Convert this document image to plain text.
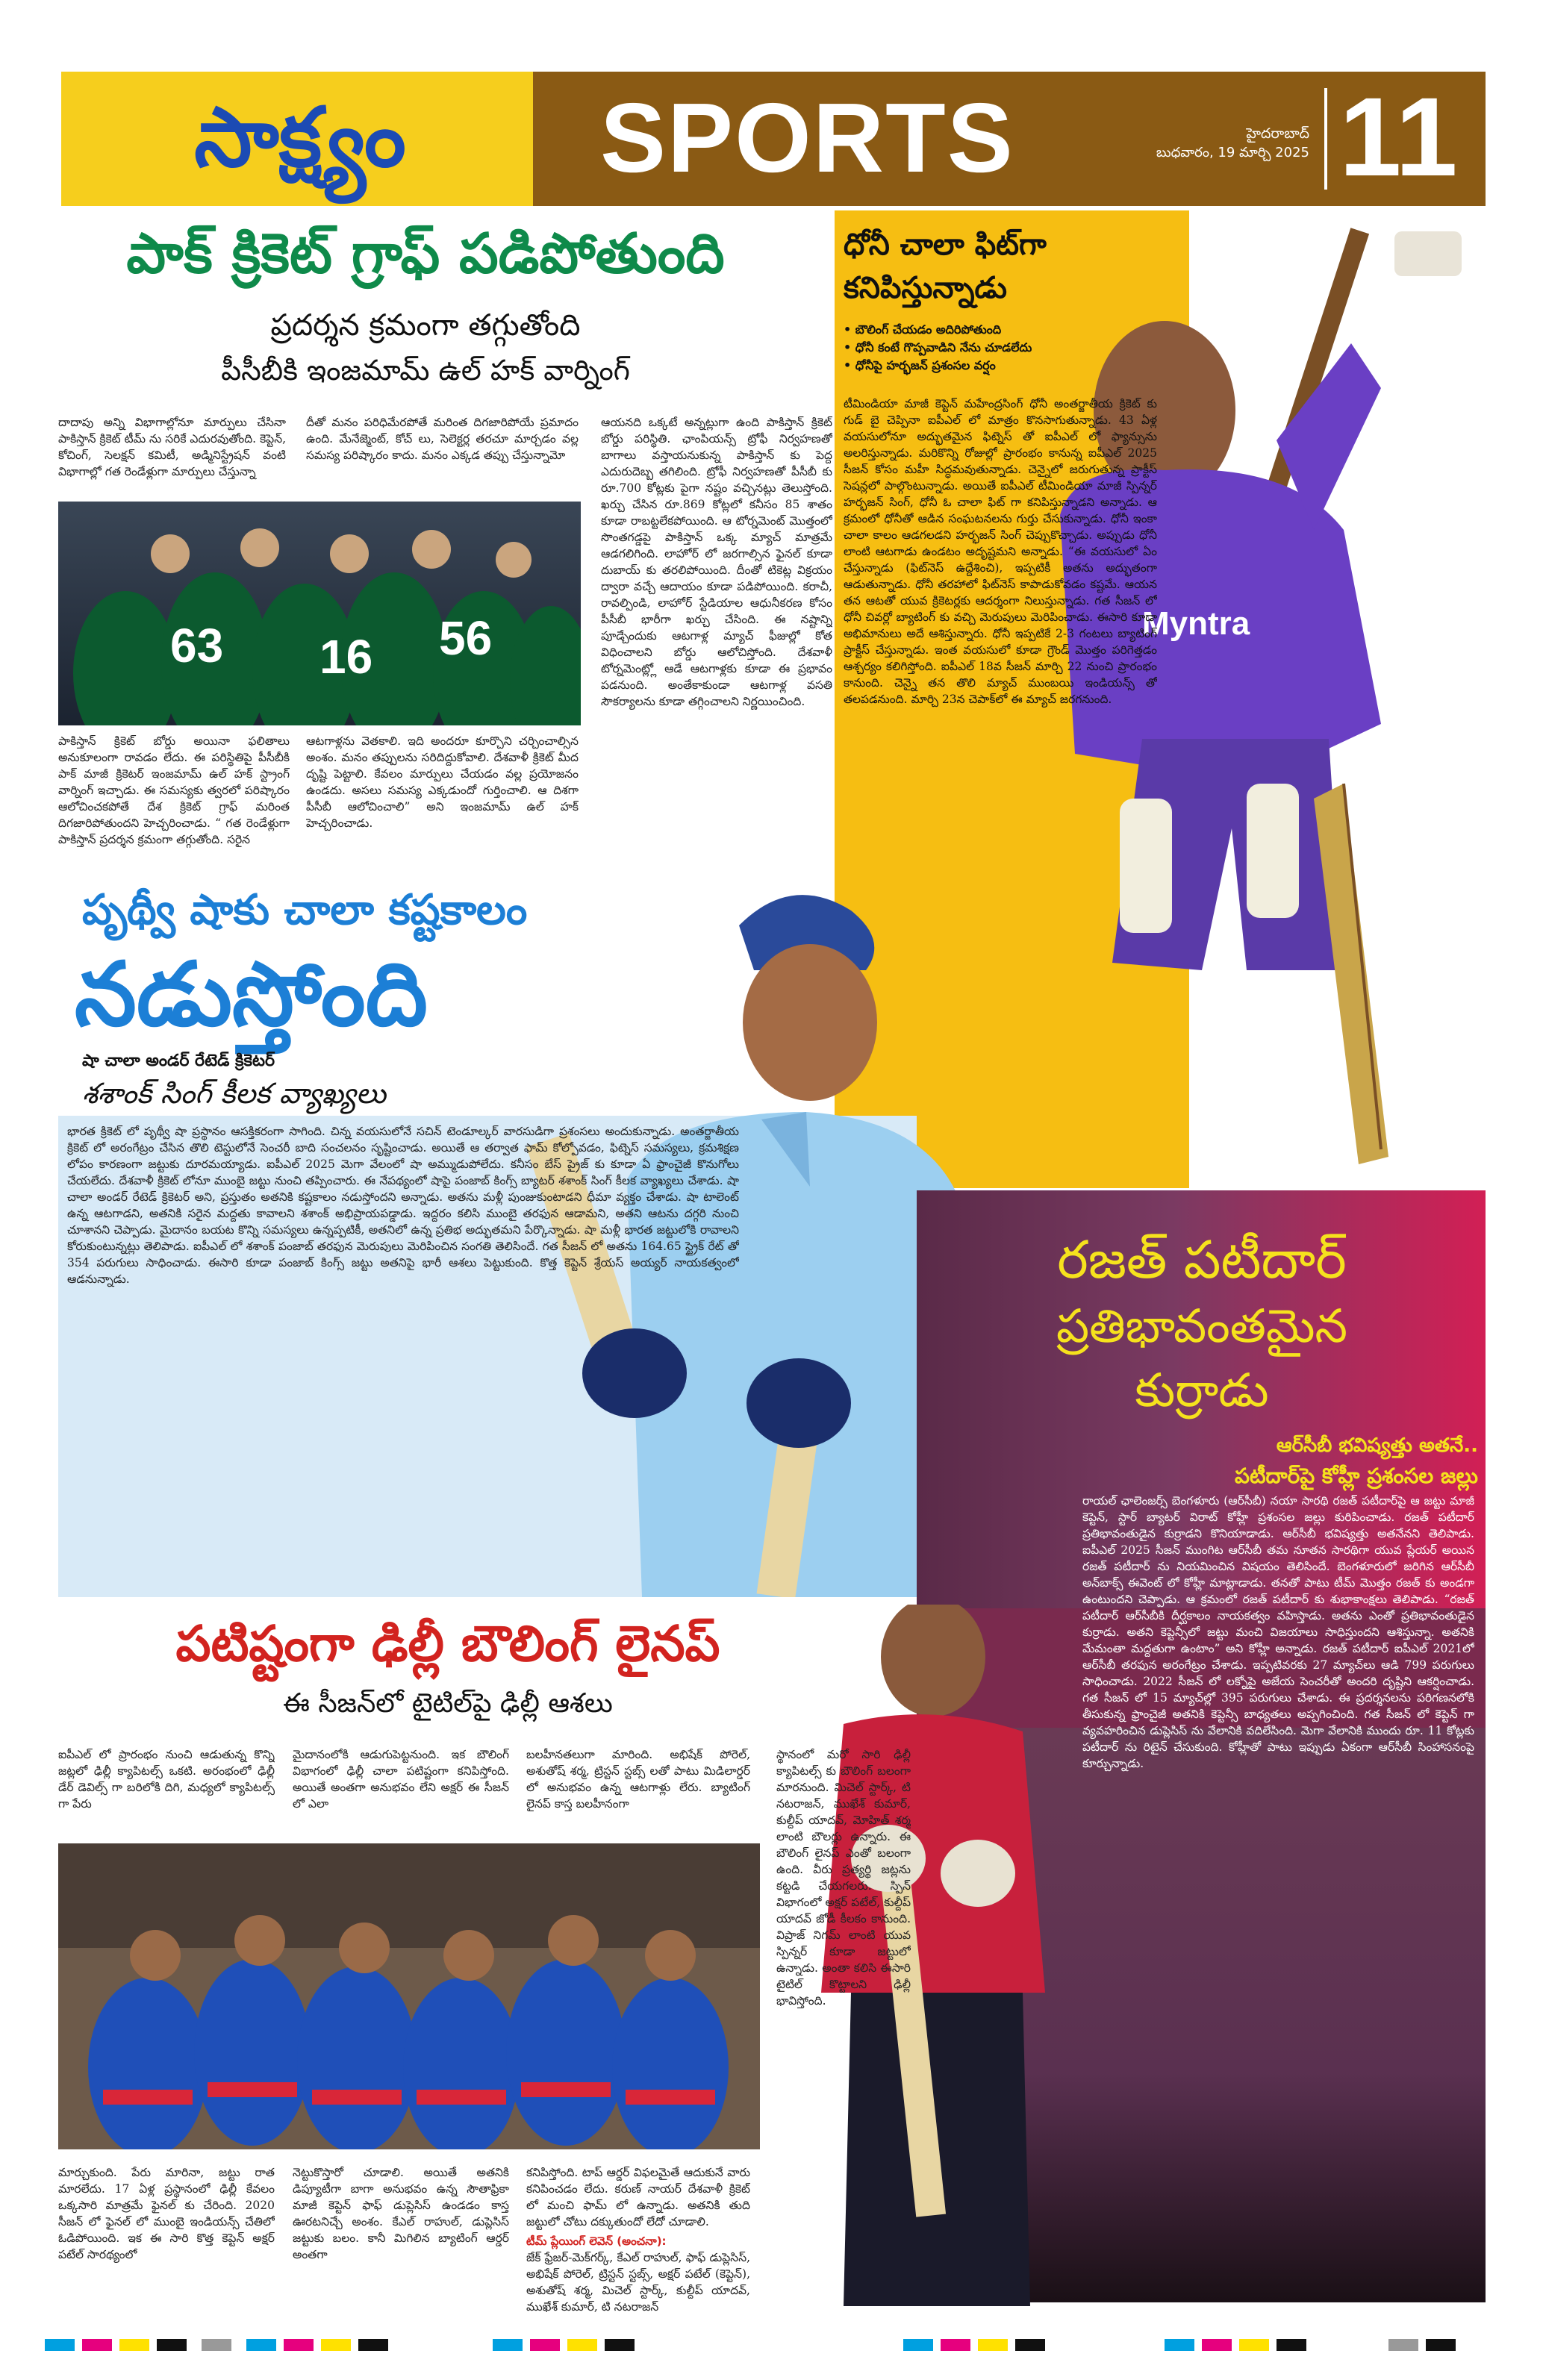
సాక్ష్యం	SPORTS	హైదరాబాద్
బుధవారం, 19 మార్చి 2025 11
పాక్ క్రికెట్ గ్రాఫ్ పడిపోతుంది
ప్రదర్శన క్రమంగా తగ్గుతోంది
పీసీబీకి ఇంజమామ్ ఉల్ హక్ వార్నింగ్
దాదాపు అన్ని విభాగాల్లోనూ మార్పులు చేసినా పాకిస్తాన్ క్రికెట్ టీమ్ ను సరికే ఎదురవుతోంది. కెప్టెన్, కోచింగ్, సెలక్షన్ కమిటీ, అడ్మినిస్ట్రేషన్ వంటి విభాగాల్లో గత రెండేళ్లుగా మార్పులు చేస్తున్నా
దీతో మనం పరిధిమేరపోతే మరింత దిగజారిపోయే ప్రమాదం ఉంది. మేనేజ్మెంట్, కోచ్ లు, సెలెక్టర్ల తరచూ మార్చడం వల్ల సమస్య పరిష్కారం కాదు. మనం ఎక్కడ తప్పు చేస్తున్నామో
ఆయనది ఒక్కటే అన్నట్లుగా ఉంది పాకిస్తాన్ క్రికెట్ బోర్డు పరిస్థితి. ఛాంపియన్స్ ట్రోఫీ నిర్వహణతో బాగాలు వస్తాయనుకున్న పాకిస్తాన్ కు పెద్ద ఎదురుదెబ్బ తగిలింది. ట్రోఫీ నిర్వహణతో పీసీబీ కు రూ.700 కోట్లకు పైగా నష్టం వచ్చినట్లు తెలుస్తోంది. ఖర్చు చేసిన రూ.869 కోట్లలో కనీసం 85 శాతం కూడా రాబట్టలేకపోయింది. ఆ టోర్నమెంట్ మొత్తంలో సొంతగడ్డపై పాకిస్తాన్ ఒక్క మ్యాచ్ మాత్రమే ఆడగలిగింది. లాహోర్ లో జరగాల్సిన ఫైనల్ కూడా దుబాయ్ కు తరలిపోయింది. దీంతో టికెట్ల విక్రయం ద్వారా వచ్చే ఆదాయం కూడా పడిపోయింది. కరాచీ, రావల్పిండి, లాహోర్ స్టేడియాల ఆధునీకరణ కోసం పీసీబీ భారీగా ఖర్చు చేసింది. ఈ నష్టాన్ని పూడ్చేందుకు ఆటగాళ్ల మ్యాచ్ ఫీజుల్లో కోత విధించాలని బోర్డు ఆలోచిస్తోంది. దేశవాళీ టోర్నమెంట్ల్లో ఆడే ఆటగాళ్లకు కూడా ఈ ప్రభావం పడనుంది. అంతేకాకుండా ఆటగాళ్ల వసతి సౌకర్యాలను కూడా తగ్గించాలని నిర్ణయించింది.
63 16 56
పాకిస్తాన్ క్రికెట్ బోర్డు అయినా ఫలితాలు అనుకూలంగా రావడం లేదు. ఈ పరిస్థితిపై పీసీబీకి పాక్ మాజీ క్రికెటర్ ఇంజమామ్ ఉల్ హక్ స్ట్రాంగ్ వార్నింగ్ ఇచ్చాడు. ఈ సమస్యకు త్వరలో పరిష్కారం ఆలోచించకపోతే దేశ క్రికెట్ గ్రాఫ్ మరింత దిగజారిపోతుందని హెచ్చరించాడు. “ గత రెండేళ్లుగా పాకిస్తాన్ ప్రదర్శన క్రమంగా తగ్గుతోంది. సరైన
ఆటగాళ్లను వెతకాలి. ఇది అందరూ కూర్చొని చర్చించాల్సిన అంశం. మనం తప్పులను సరిదిద్దుకోవాలి. దేశవాళీ క్రికెట్ మీద దృష్టి పెట్టాలి. కేవలం మార్పులు చేయడం వల్ల ప్రయోజనం ఉండదు. అసలు సమస్య ఎక్కడుందో గుర్తించాలి. ఆ దిశగా పీసీబీ ఆలోచించాలి” అని ఇంజమామ్ ఉల్ హక్ హెచ్చరించాడు.
Myntra
ధోనీ చాలా ఫిట్‌గా
కనిపిస్తున్నాడు
• బౌలింగ్ చేయడం అదిరిపోతుంది
• ధోనీ కంటే గొప్పవాడిని నేను చూడలేదు
• ధోనీపై హర్భజన్ ప్రశంసల వర్షం
టీమిండియా మాజీ కెప్టెన్ మహేంద్రసింగ్ ధోనీ అంతర్జాతీయ క్రికెట్ కు గుడ్ బై చెప్పినా ఐపీఎల్ లో మాత్రం కొనసాగుతున్నాడు. 43 ఏళ్ల వయసులోనూ అద్భుతమైన ఫిట్నెస్ తో ఐపీఎల్ లో ఫ్యాన్సును అలరిస్తున్నాడు. మరికొన్ని రోజుల్లో ప్రారంభం కానున్న ఐపీఎల్ 2025 సీజన్ కోసం మహీ సిద్ధమవుతున్నాడు. చెన్నైలో జరుగుతున్న ప్రాక్టీస్ సెషన్లలో పాల్గొంటున్నాడు. అయితే ఐపీఎల్ టీమిండియా మాజీ స్పిన్నర్ హర్భజన్ సింగ్, ధోనీ ఓ చాలా ఫిట్ గా కనిపిస్తున్నాడని అన్నాడు. ఆ క్రమంలో ధోనీతో ఆడిన సంఘటనలను గుర్తు చేసుకున్నాడు. ధోనీ ఇంకా చాలా కాలం ఆడగలడని హర్భజన్ సింగ్ చెప్పుకొచ్చాడు. అప్పుడు ధోనీ లాంటి ఆటగాడు ఉండటం అదృష్టమని అన్నాడు. “ఈ వయసులో ఏం చేస్తున్నాడు (ఫిట్‌నెస్ ఉద్దేశించి), ఇప్పటికీ అతను అద్భుతంగా ఆడుతున్నాడు. ధోనీ తరహాలో ఫిట్‌నెస్ కాపాడుకోవడం కష్టమే. ఆయన తన ఆటతో యువ క్రికెటర్లకు ఆదర్శంగా నిలుస్తున్నాడు. గత సీజన్ లో ధోనీ చివర్లో బ్యాటింగ్ కు వచ్చి మెరుపులు మెరిపించాడు. ఈసారి కూడా అభిమానులు అదే ఆశిస్తున్నారు. ధోనీ ఇప్పటికే 2-3 గంటలు బ్యాటింగ్ ప్రాక్టీస్ చేస్తున్నాడు. ఇంత వయసులో కూడా గ్రౌండ్ మొత్తం పరిగెత్తడం ఆశ్చర్యం కలిగిస్తోంది. ఐపీఎల్ 18వ సీజన్ మార్చి 22 నుంచి ప్రారంభం కానుంది. చెన్నై తన తొలి మ్యాచ్ ముంబయి ఇండియన్స్ తో తలపడనుంది. మార్చి 23న చెపాక్‌లో ఈ మ్యాచ్ జరగనుంది.
పృథ్వీ షాకు చాలా కష్టకాలం
నడుస్తోంది
షా చాలా అండర్ రేటెడ్ క్రికెటర్
శశాంక్ సింగ్ కీలక వ్యాఖ్యలు
భారత క్రికెట్ లో పృథ్వీ షా ప్రస్థానం ఆసక్తికరంగా సాగింది. చిన్న వయసులోనే సచిన్ టెండూల్కర్ వారసుడిగా ప్రశంసలు అందుకున్నాడు. అంతర్జాతీయ క్రికెట్ లో అరంగేట్రం చేసిన తొలి టెస్టులోనే సెంచరీ బాది సంచలనం సృష్టించాడు. అయితే ఆ తర్వాత ఫామ్ కోల్పోవడం, ఫిట్నెస్ సమస్యలు, క్రమశిక్షణ లోపం కారణంగా జట్టుకు దూరమయ్యాడు. ఐపీఎల్ 2025 మెగా వేలంలో షా అమ్ముడుపోలేదు. కనీసం బేస్ ప్రైజ్ కు కూడా ఏ ఫ్రాంచైజీ కొనుగోలు చేయలేదు. దేశవాళీ క్రికెట్ లోనూ ముంబై జట్టు నుంచి తప్పించారు. ఈ నేపథ్యంలో షాపై పంజాబ్ కింగ్స్ బ్యాటర్ శశాంక్ సింగ్ కీలక వ్యాఖ్యలు చేశాడు. షా చాలా అండర్ రేటెడ్ క్రికెటర్ అని, ప్రస్తుతం అతనికి కష్టకాలం నడుస్తోందని అన్నాడు. అతను మళ్లీ పుంజుకుంటాడని ధీమా వ్యక్తం చేశాడు. షా టాలెంట్ ఉన్న ఆటగాడని, అతనికి సరైన మద్దతు కావాలని శశాంక్ అభిప్రాయపడ్డాడు. ఇద్దరం కలిసి ముంబై తరఫున ఆడామని, అతని ఆటను దగ్గరి నుంచి చూశానని చెప్పాడు. మైదానం బయట కొన్ని సమస్యలు ఉన్నప్పటికీ, అతనిలో ఉన్న ప్రతిభ అద్భుతమని పేర్కొన్నాడు. షా మళ్లీ భారత జట్టులోకి రావాలని కోరుకుంటున్నట్లు తెలిపాడు. ఐపీఎల్ లో శశాంక్ పంజాబ్ తరఫున మెరుపులు మెరిపించిన సంగతి తెలిసిందే. గత సీజన్ లో అతను 164.65 స్ట్రైక్ రేట్ తో 354 పరుగులు సాధించాడు. ఈసారి కూడా పంజాబ్ కింగ్స్ జట్టు అతనిపై భారీ ఆశలు పెట్టుకుంది. కొత్త కెప్టెన్ శ్రేయస్ అయ్యర్ నాయకత్వంలో ఆడనున్నాడు.	రజత్ పటీదార్
ప్రతిభావంతమైన
కుర్రాడు
ఆర్‌సీబీ భవిష్యత్తు అతనే..
పటీదార్‌పై కోహ్లీ ప్రశంసల జల్లు
రాయల్ ఛాలెంజర్స్ బెంగళూరు (ఆర్‌సీబీ) నయా సారథి రజత్ పటీదార్‌పై ఆ జట్టు మాజీ కెప్టెన్, స్టార్ బ్యాటర్ విరాట్ కోహ్లీ ప్రశంసల జల్లు కురిపించాడు. రజత్ పటీదార్ ప్రతిభావంతుడైన కుర్రాడని కొనియాడాడు. ఆర్‌సీబీ భవిష్యత్తు అతనేనని తెలిపాడు. ఐపీఎల్ 2025 సీజన్ ముంగిట ఆర్‌సీబీ తమ నూతన సారథిగా యువ ప్లేయర్ అయిన రజత్ పటీదార్ ను నియమించిన విషయం తెలిసిందే. బెంగళూరులో జరిగిన ఆర్‌సీబీ అన్‌బాక్స్ ఈవెంట్ లో కోహ్లీ మాట్లాడాడు. తనతో పాటు టీమ్ మొత్తం రజత్ కు అండగా ఉంటుందని చెప్పాడు. ఆ క్రమంలో రజత్ పటీదార్ కు శుభాకాంక్షలు తెలిపాడు. “రజత్ పటీదార్ ఆర్‌సీబీకి దీర్ఘకాలం నాయకత్వం వహిస్తాడు. అతను ఎంతో ప్రతిభావంతుడైన కుర్రాడు. అతని కెప్టెన్సీలో జట్టు మంచి విజయాలు సాధిస్తుందని ఆశిస్తున్నా. అతనికి మేమంతా మద్దతుగా ఉంటాం” అని కోహ్లీ అన్నాడు. రజత్ పటీదార్ ఐపీఎల్ 2021లో ఆర్‌సీబీ తరఫున అరంగేట్రం చేశాడు. ఇప్పటివరకు 27 మ్యాచ్‌లు ఆడి 799 పరుగులు సాధించాడు. 2022 సీజన్ లో లక్నోపై అజేయ సెంచరీతో అందరి దృష్టిని ఆకర్షించాడు. గత సీజన్ లో 15 మ్యాచ్‌ల్లో 395 పరుగులు చేశాడు. ఈ ప్రదర్శనలను పరిగణనలోకి తీసుకున్న ఫ్రాంచైజీ అతనికి కెప్టెన్సీ బాధ్యతలు అప్పగించింది. గత సీజన్ లో కెప్టెన్ గా వ్యవహరించిన డుప్లెసిస్ ను వేలానికి వదిలేసింది. మెగా వేలానికి ముందు రూ. 11 కోట్లకు పటీదార్ ను రిటైన్ చేసుకుంది. కోహ్లీతో పాటు ఇప్పుడు ఏకంగా ఆర్‌సీబీ సింహాసనంపై కూర్చున్నాడు.
పటిష్టంగా ఢిల్లీ బౌలింగ్ లైనప్
ఈ సీజన్‌లో టైటిల్‌పై ఢిల్లీ ఆశలు
ఐపీఎల్ లో ప్రారంభం నుంచి ఆడుతున్న కొన్ని జట్లలో ఢిల్లీ క్యాపిటల్స్ ఒకటి. అరంభంలో ఢిల్లీ డేర్ డెవిల్స్ గా బరిలోకి దిగి, మధ్యలో క్యాపిటల్స్ గా పేరు
మైదానంలోకి ఆడుగుపెట్టనుంది. ఇక బౌలింగ్ విభాగంలో ఢిల్లీ చాలా పటిష్టంగా కనిపిస్తోంది. అయితే అంతగా అనుభవం లేని అక్షర్ ఈ సీజన్ లో ఎలా
బలహీనతలుగా మారింది. అభిషేక్ పోరెల్, అశుతోష్ శర్మ, ట్రిస్టన్ స్టబ్స్ లతో పాటు మిడిలార్డర్ లో అనుభవం ఉన్న ఆటగాళ్లు లేరు. బ్యాటింగ్ లైనప్ కాస్త బలహీనంగా
స్థానంలో మరో సారి ఢిల్లీ క్యాపిటల్స్ కు బౌలింగ్ బలంగా మారనుంది. మిచెల్ స్టార్క్, టి నటరాజన్, ముఖేశ్ కుమార్, కుల్దీప్ యాదవ్, మోహిత్ శర్మ లాంటి బౌలర్లు ఉన్నారు. ఈ బౌలింగ్ లైనప్ ఎంతో బలంగా ఉంది. వీరు ప్రత్యర్థి జట్లను కట్టడి చేయగలరు. స్పిన్ విభాగంలో అక్షర్ పటేల్, కుల్దీప్ యాదవ్ జోడీ కీలకం కానుంది. విప్రాజ్ నిగమ్ లాంటి యువ స్పిన్నర్ కూడా జట్టులో ఉన్నాడు. అంతా కలిసి ఈసారి టైటిల్ కొట్టాలని ఢిల్లీ భావిస్తోంది.
మార్చుకుంది. పేరు మారినా, జట్టు రాత మారలేదు. 17 ఏళ్ల ప్రస్థానంలో ఢిల్లీ కేవలం ఒక్కసారి మాత్రమే ఫైనల్ కు చేరింది. 2020 సీజన్ లో ఫైనల్ లో ముంబై ఇండియన్స్ చేతిలో ఓడిపోయింది. ఇక ఈ సారి కొత్త కెప్టెన్ అక్షర్ పటేల్ సారథ్యంలో
నెట్టుకొస్తారో చూడాలి. అయితే అతనికి డిప్యూటీగా బాగా అనుభవం ఉన్న సౌతాఫ్రికా మాజీ కెప్టెన్ ఫాఫ్ డుప్లెసిస్ ఉండడం కాస్త ఊరటనిచ్చే అంశం. కేఎల్ రాహుల్, డుప్లెసిస్ జట్టుకు బలం. కానీ మిగిలిన బ్యాటింగ్ ఆర్డర్ అంతగా
కనిపిస్తోంది. టాప్ ఆర్డర్ విఫలమైతే ఆదుకునే వారు కనిపించడం లేదు. కరుణ్ నాయర్ దేశవాళీ క్రికెట్ లో మంచి ఫామ్ లో ఉన్నాడు. అతనికి తుది జట్టులో చోటు దక్కుతుందో లేదో చూడాలి.
టీమ్ ప్లేయింగ్ లెవెన్ (అంచనా):
జేక్ ఫ్రేజర్-మెక్‌గర్క్, కేఎల్ రాహుల్, ఫాఫ్ డుప్లెసిస్, అభిషేక్ పోరెల్, ట్రిస్టన్ స్టబ్స్, అక్షర్ పటేల్ (కెప్టెన్), అశుతోష్ శర్మ, మిచెల్ స్టార్క్, కుల్దీప్ యాదవ్, ముఖేశ్ కుమార్, టి నటరాజన్
